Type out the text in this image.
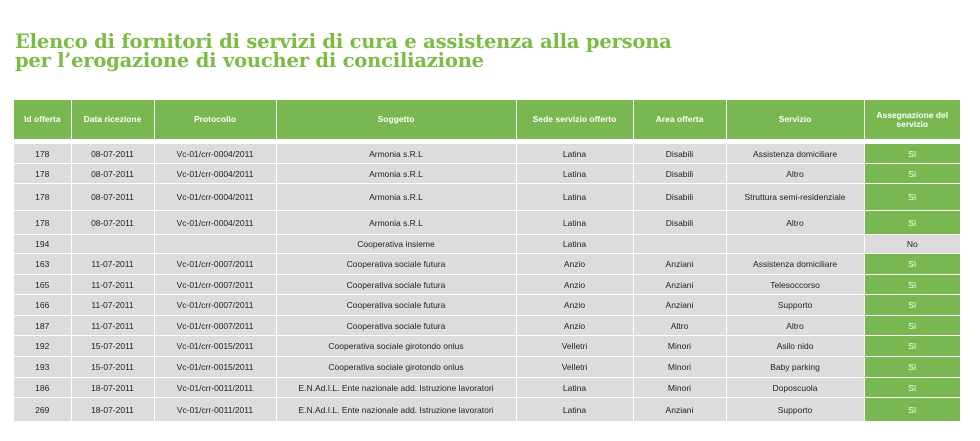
Elenco di fornitori di servizi di cura e assistenza alla persona
per l’erogazione di voucher di conciliazione
Id offerta	Data ricezione	Protocollo	Soggetto	Sede servizio offerto	Area offerta	Servizio	Assegnazione del servizio

178	08-07-2011	Vc-01/crr-0004/2011	Armonia s.R.L	Latina	Disabili	Assistenza domiciliare	Sì
178	08-07-2011	Vc-01/crr-0004/2011	Armonia s.R.L	Latina	Disabili	Altro	Sì
178	08-07-2011	Vc-01/crr-0004/2011	Armonia s.R.L	Latina	Disabili	Struttura semi-residenziale	Sì
178	08-07-2011	Vc-01/crr-0004/2011	Armonia s.R.L	Latina	Disabili	Altro	Sì
194			Cooperativa insieme	Latina			No
163	11-07-2011	Vc-01/crr-0007/2011	Cooperativa sociale futura	Anzio	Anziani	Assistenza domiciliare	Sì
165	11-07-2011	Vc-01/crr-0007/2011	Cooperativa sociale futura	Anzio	Anziani	Telesoccorso	Sì
166	11-07-2011	Vc-01/crr-0007/2011	Cooperativa sociale futura	Anzio	Anziani	Supporto	Sì
187	11-07-2011	Vc-01/crr-0007/2011	Cooperativa sociale futura	Anzio	Altro	Altro	Sì
192	15-07-2011	Vc-01/crr-0015/2011	Cooperativa sociale girotondo onlus	Velletri	Minori	Asilo nido	Sì
193	15-07-2011	Vc-01/crr-0015/2011	Cooperativa sociale girotondo onlus	Velletri	Minori	Baby parking	Sì
186	18-07-2011	Vc-01/crr-0011/2011	E.N.Ad.I.L. Ente nazionale add. Istruzione lavoratori	Latina	Minori	Doposcuola	Sì
269	18-07-2011	Vc-01/crr-0011/2011	E.N.Ad.I.L. Ente nazionale add. Istruzione lavoratori	Latina	Anziani	Supporto	Sì
